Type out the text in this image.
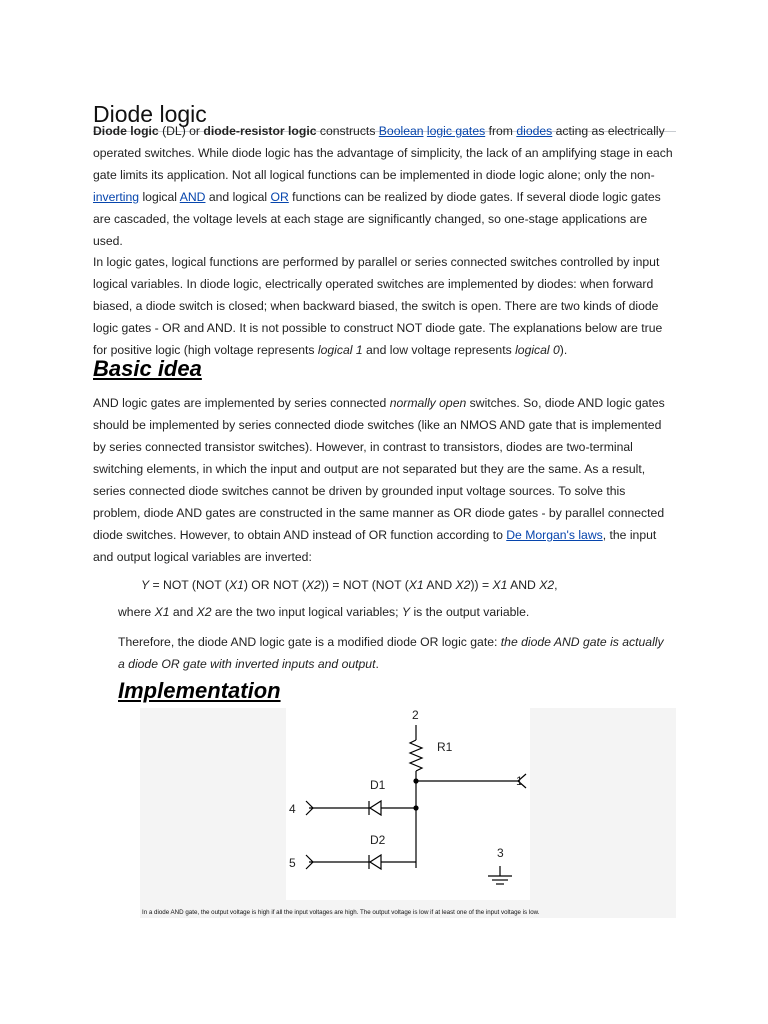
Diode logic

Diode logic (DL) or diode-resistor logic constructs Boolean logic gates from diodes acting as electrically operated switches. While diode logic has the advantage of simplicity, the lack of an amplifying stage in each gate limits its application. Not all logical functions can be implemented in diode logic alone; only the non-inverting logical AND and logical OR functions can be realized by diode gates. If several diode logic gates are cascaded, the voltage levels at each stage are significantly changed, so one-stage applications are used.

In logic gates, logical functions are performed by parallel or series connected switches controlled by input logical variables. In diode logic, electrically operated switches are implemented by diodes: when forward biased, a diode switch is closed; when backward biased, the switch is open. There are two kinds of diode logic gates - OR and AND. It is not possible to construct NOT diode gate. The explanations below are true for positive logic (high voltage represents logical 1 and low voltage represents logical 0).

Basic idea

AND logic gates are implemented by series connected normally open switches. So, diode AND logic gates should be implemented by series connected diode switches (like an NMOS AND gate that is implemented by series connected transistor switches). However, in contrast to transistors, diodes are two-terminal switching elements, in which the input and output are not separated but they are the same. As a result, series connected diode switches cannot be driven by grounded input voltage sources. To solve this problem, diode AND gates are constructed in the same manner as OR diode gates - by parallel connected diode switches. However, to obtain AND instead of OR function according to De Morgan's laws, the input and output logical variables are inverted:

Y = NOT (NOT (X1) OR NOT (X2)) = NOT (NOT (X1 AND X2)) = X1 AND X2,

where X1 and X2 are the two input logical variables; Y is the output variable.

Therefore, the diode AND logic gate is a modified diode OR logic gate: the diode AND gate is actually a diode OR gate with inverted inputs and output.

Implementation
2
R1
1
D1
4
D2
3
5
In a diode AND gate, the output voltage is high if all the input voltages are high. The output voltage is low if at least one of the input voltage is low.
